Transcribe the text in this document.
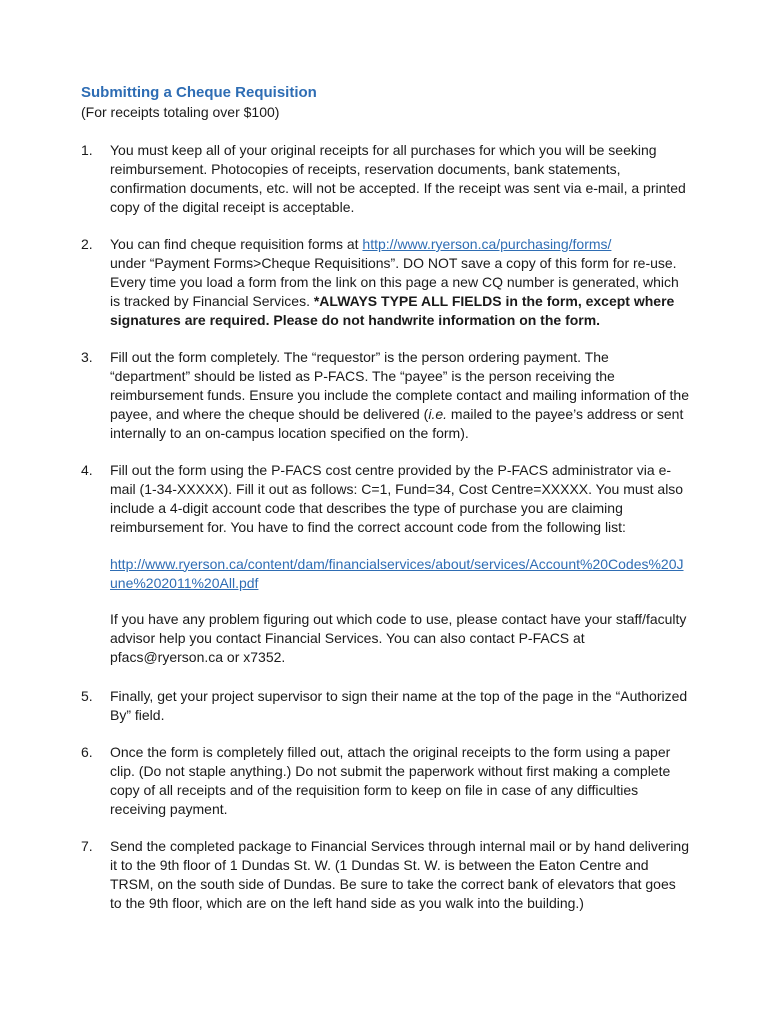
Submitting a Cheque Requisition

(For receipts totaling over $100)

1.	You must keep all of your original receipts for all purchases for which you will be seeking reimbursement. Photocopies of receipts, reservation documents, bank statements, confirmation documents, etc. will not be accepted. If the receipt was sent via e-mail, a printed copy of the digital receipt is acceptable.

2.	You can find cheque requisition forms at http://www.ryerson.ca/purchasing/forms/
under “Payment Forms>Cheque Requisitions”. DO NOT save a copy of this form for re-use. Every time you load a form from the link on this page a new CQ number is generated, which is tracked by Financial Services. *ALWAYS TYPE ALL FIELDS in the form, except where signatures are required. Please do not handwrite information on the form.

3.	Fill out the form completely. The “requestor” is the person ordering payment. The “department” should be listed as P-FACS. The “payee” is the person receiving the reimbursement funds. Ensure you include the complete contact and mailing information of the payee, and where the cheque should be delivered (i.e. mailed to the payee’s address or sent internally to an on-campus location specified on the form).

4.	Fill out the form using the P-FACS cost centre provided by the P-FACS administrator via e-mail (1-34-XXXXX). Fill it out as follows: C=1, Fund=34, Cost Centre=XXXXX. You must also include a 4-digit account code that describes the type of purchase you are claiming reimbursement for. You have to find the correct account code from the following list:

http://www.ryerson.ca/content/dam/financialservices/about/services/Account%20Codes%20June%202011%20All.pdf

If you have any problem figuring out which code to use, please contact have your staff/faculty advisor help you contact Financial Services. You can also contact P-FACS at pfacs@ryerson.ca or x7352.

5.	Finally, get your project supervisor to sign their name at the top of the page in the “Authorized By” field.

6.	Once the form is completely filled out, attach the original receipts to the form using a paper clip. (Do not staple anything.) Do not submit the paperwork without first making a complete copy of all receipts and of the requisition form to keep on file in case of any difficulties receiving payment.

7.	Send the completed package to Financial Services through internal mail or by hand delivering it to the 9th floor of 1 Dundas St. W. (1 Dundas St. W. is between the Eaton Centre and TRSM, on the south side of Dundas. Be sure to take the correct bank of elevators that goes to the 9th floor, which are on the left hand side as you walk into the building.)
